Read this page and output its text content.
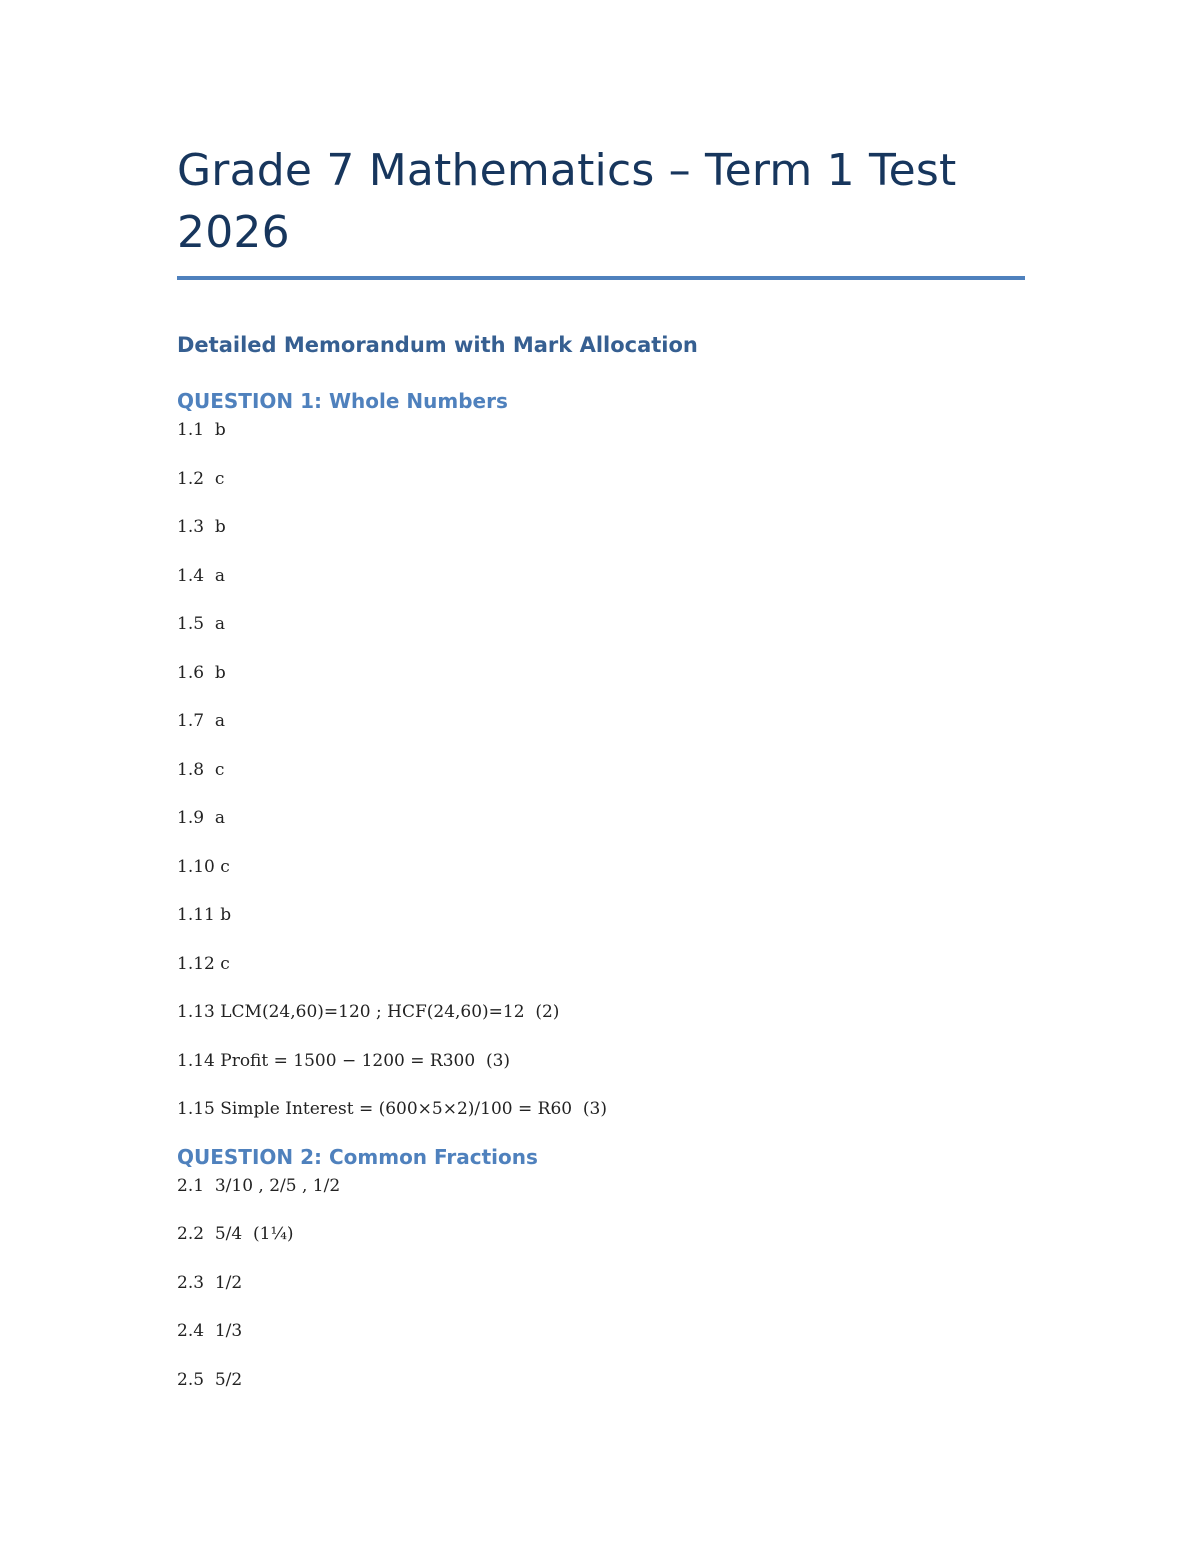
Grade 7 Mathematics – Term 1 Test 2026
Detailed Memorandum with Mark Allocation
QUESTION 1: Whole Numbers
1.1  b
1.2  c
1.3  b
1.4  a
1.5  a
1.6  b
1.7  a
1.8  c
1.9  a
1.10 c
1.11 b
1.12 c
1.13 LCM(24,60)=120 ; HCF(24,60)=12  (2)
1.14 Profit = 1500 − 1200 = R300  (3)
1.15 Simple Interest = (600×5×2)/100 = R60  (3)
QUESTION 2: Common Fractions
2.1  3/10 , 2/5 , 1/2
2.2  5/4  (1¼)
2.3  1/2
2.4  1/3
2.5  5/2
